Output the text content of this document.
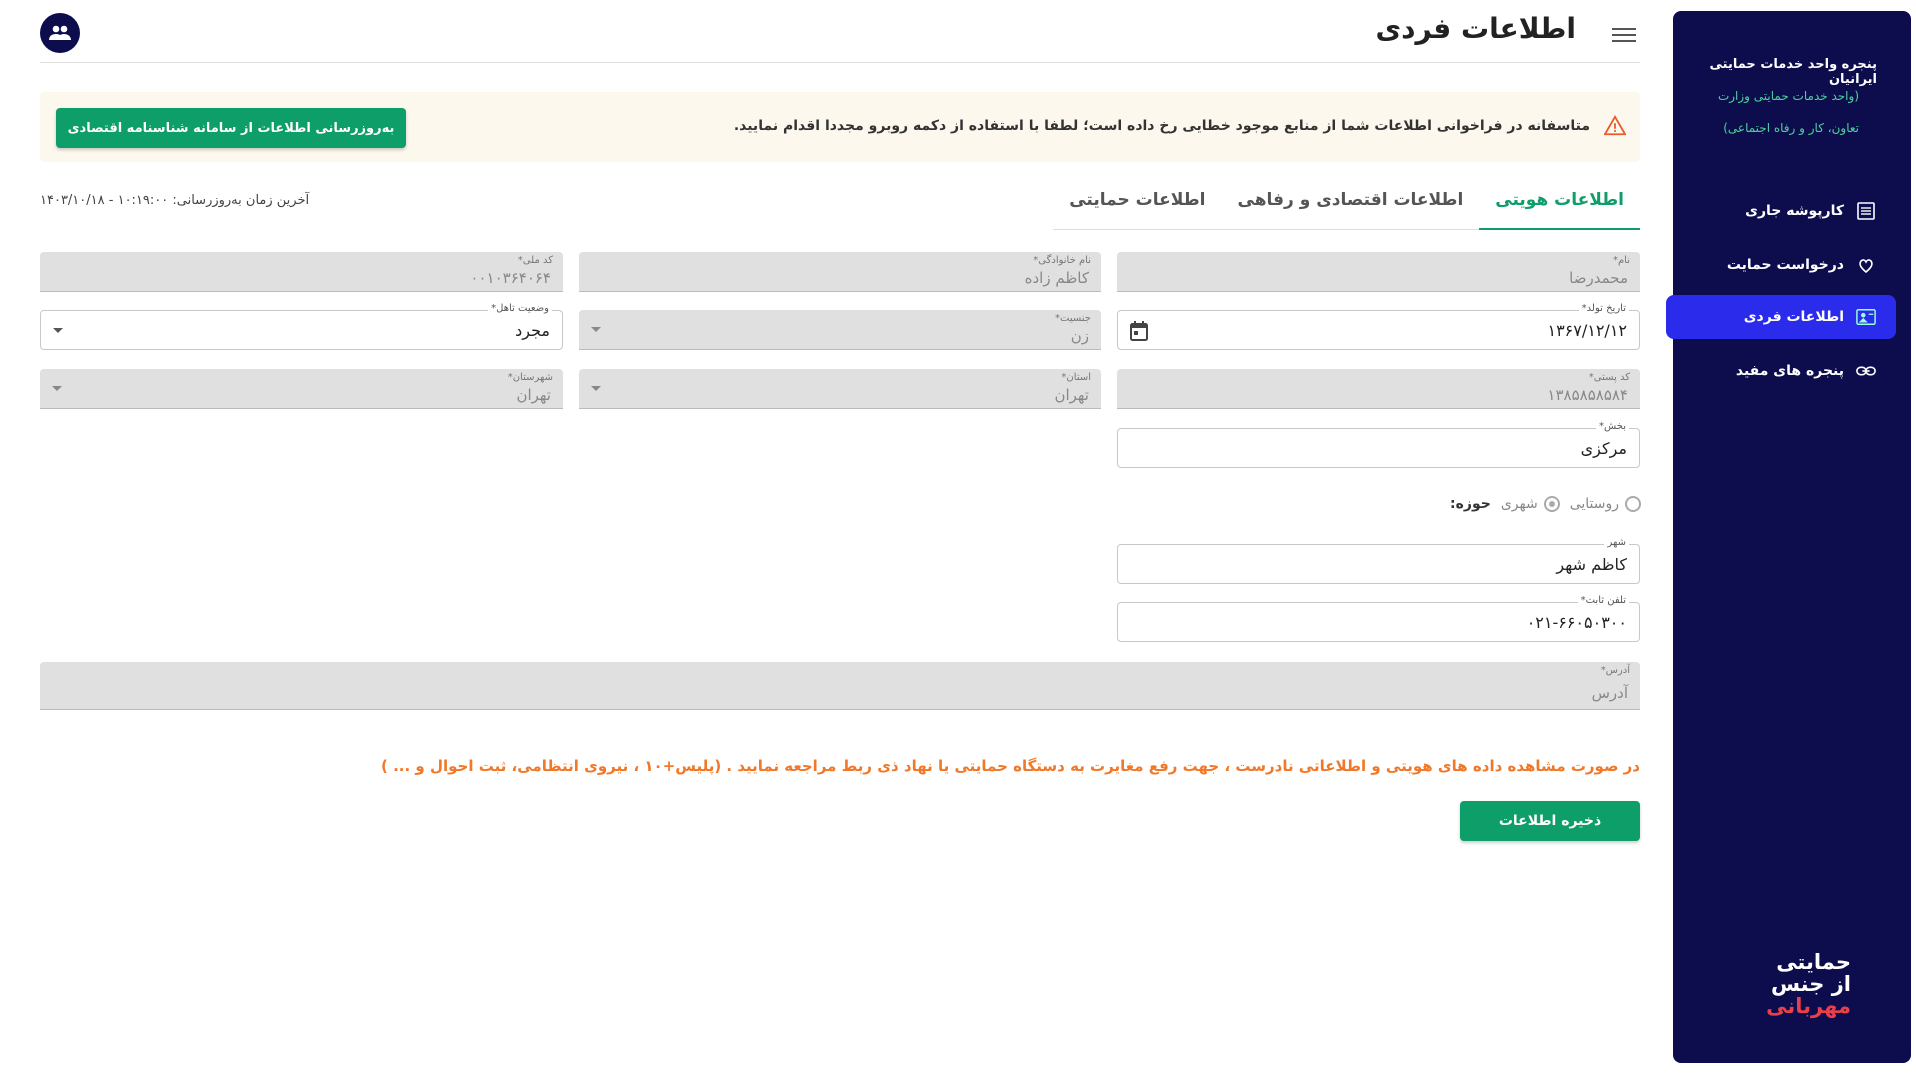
اطلاعات فردی
متاسفانه در فراخوانی اطلاعات شما از منابع موجود خطایی رخ داده است؛ لطفا با استفاده از دکمه روبرو مجددا اقدام نمایید.
به‌روزرسانی اطلاعات از سامانه شناسنامه اقتصادی
اطلاعات هویتی
اطلاعات اقتصادی و رفاهی
اطلاعات حمایتی
آخرین زمان به‌روزرسانی: ۱۰:۱۹:۰۰ - ۱۴۰۳/۱۰/۱۸
نام*
محمدرضا
نام خانوادگی*
کاظم زاده
کد ملی*
۰۰۱۰۳۶۴۰۶۴
تاریخ تولد*
۱۳۶۷/۱۲/۱۲
جنسیت*
زن
وضعیت تاهل*
مجرد
کد پستی*
۱۳۸۵۸۵۸۵۸۴
استان*
تهران
شهرستان*
تهران
بخش*
مرکزی
حوزه: شهری روستایی
شهر
کاظم شهر
تلفن ثابت*
۰۲۱-۶۶۰۵۰۳۰۰
آدرس*
آدرس
در صورت مشاهده داده های هویتی و اطلاعاتی نادرست ، جهت رفع مغایرت به دستگاه حمایتی یا نهاد ذی ربط مراجعه نمایید . (پلیس+۱۰ ، نیروی انتظامی، ثبت احوال و ... )
ذخیره اطلاعات
پنجره واحد خدمات حمایتی ایرانیان
(واحد خدمات حمایتی وزارت
تعاون، کار و رفاه اجتماعی)
کارپوشه جاری
درخواست حمایت
اطلاعات فردی
پنجره های مفید
حمایتی
از جنس
مهربانی
